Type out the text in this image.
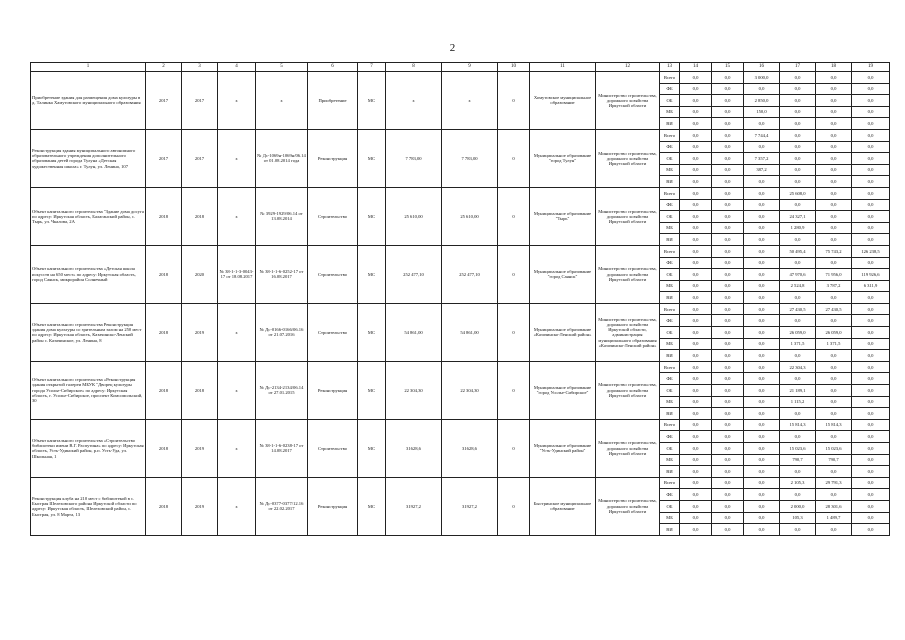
2
1	2	3	4	5	6	7	8	9	10	11	12	13	14	15	16	17	18	19
Приобретение здания для размещения дома культуры в д. Талинка Хамутовского муниципального образования	2017	2017	x	x	Приобретение	МС	x	x	0	Хомутовское муниципальное образование	Министерство строительства, дорожного хозяйства Иркутской области	Всего	0,0	0,0	3 000,0	0,0	0,0	0,0
												ФБ	0,0	0,0	0,0	0,0	0,0	0,0
												ОБ	0,0	0,0	2 850,0	0,0	0,0	0,0
												МБ	0,0	0,0	150,0	0,0	0,0	0,0
												ВИ	0,0	0,0	0,0	0,0	0,0	0,0
Реконструкция здания муниципального автономного образовательного учреждения дополнительного образования детей города Тулуна «Детская художественная школа» г. Тулун, ул. Ленина, 107	2017	2017	x	№ Дс-1069н-1069н/06.14 от 01.08.2014 года	Реконструкция	МС	7 783,00	7 783,00	0	Муниципальное образование "город Тулун"	Министерство строительства, дорожного хозяйства Иркутской области	Всего	0,0	0,0	7 744,4	0,0	0,0	0,0
												ФБ	0,0	0,0	0,0	0,0	0,0	0,0
												ОБ	0,0	0,0	7 357,2	0,0	0,0	0,0
												МБ	0,0	0,0	387,2	0,0	0,0	0,0
												ВИ	0,0	0,0	0,0	0,0	0,0	0,0
Объект капитального строительства "Здание дома досуга по адресу: Иркутская область, Балаганский район, с. Тырь, ул. Чкалова, 2А	2018	2018	x	№ 3929-1929/06.14 от 13.08.2014	Строительство	МС	25 610,00	25 610,00	0	Муниципальное образование "Тырь"	Министерство строительства, дорожного хозяйства Иркутской области	Всего	0,0	0,0	0,0	25 608,0	0,0	0,0
												ФБ	0,0	0,0	0,0	0,0	0,0	0,0
												ОБ	0,0	0,0	0,0	24 327,1	0,0	0,0
												МБ	0,0	0,0	0,0	1 280,9	0,0	0,0
												ВИ	0,0	0,0	0,0	0,0	0,0	0,0
Объект капитального строительства «Детская школа искусств на 650 мест» по адресу: Иркутская область, город Саянск, микрорайон Солнечный	2018	2020	№ 38-1-1-3-0043-17 от 18.08.2017	№ 38-1-1-6-0252-17 от 16.08.2017	Строительство	МС	252 477,10	252 477,10	0	Муниципальное образование "город Саянск"	Министерство строительства, дорожного хозяйства Иркутской области	Всего	0,0	0,0	0,0	50 495,4	75 743,2	126 238,5
												ФБ	0,0	0,0	0,0	0,0	0,0	0,0
												ОБ	0,0	0,0	0,0	47 970,6	71 956,0	119 926,6
												МБ	0,0	0,0	0,0	2 524,8	3 787,2	6 311,9
												ВИ	0,0	0,0	0,0	0,0	0,0	0,0
Объект капитального строительства Реконструкция здания дома культуры со зрительным залом на 250 мест по адресу: Иркутская область, Казачинско-Ленский район с. Казачинское, ул. Ленина, 8	2018	2019	x	№ Дс-0166-0166/06.16 от 21.07.2016	Строительство	МС	54 861,00	54 861,00	0	Муниципальное образование «Казачинско-Ленский район»	Министерство строительства, дорожного хозяйства Иркутской области, администрация муниципального образования «Казачинско-Ленский район»	Всего	0,0	0,0	0,0	27 430,5	27 430,5	0,0
												ФБ	0,0	0,0	0,0	0,0	0,0	0,0
												ОБ	0,0	0,0	0,0	26 059,0	26 059,0	0,0
												МБ	0,0	0,0	0,0	1 371,5	1 371,5	0,0
												ВИ	0,0	0,0	0,0	0,0	0,0	0,0
Объект капитального строительства «Реконструкция здания открытой галереи МБУК "Дворец культуры города Усолье-Сибирское» по адресу: Иркутская область, г. Усолье-Сибирское, проспект Комсомольский, 30	2018	2018	x	№ Дс-2134-2134/06.14 от 27.01.2015	Реконструкция	МС	22 304,30	22 304,30	0	Муниципальное образование "город Усолье-Сибирское"	Министерство строительства, дорожного хозяйства Иркутской области	Всего	0,0	0,0	0,0	22 304,3	0,0	0,0
												ФБ	0,0	0,0	0,0	0,0	0,0	0,0
												ОБ	0,0	0,0	0,0	21 189,1	0,0	0,0
												МБ	0,0	0,0	0,0	1 115,2	0,0	0,0
												ВИ	0,0	0,0	0,0	0,0	0,0	0,0
Объект капитального строительства «Строительство библиотеки имени В.Г. Распутина» по адресу: Иркутская область, Усть-Удинский район, р.п. Усть-Уда, ул. Школьная, 1	2018	2019	x	№ 38-1-1-6-0238-17 от 14.08.2017	Строительство	МС	31628,6	31628,6	0	Муниципальное образование "Усть-Удинский район"	Министерство строительства, дорожного хозяйства Иркутской области	Всего	0,0	0,0	0,0	15 814,3	15 814,3	0,0
												ФБ	0,0	0,0	0,0	0,0	0,0	0,0
												ОБ	0,0	0,0	0,0	15 023,6	15 023,6	0,0
												МБ	0,0	0,0	0,0	790,7	790,7	0,0
												ВИ	0,0	0,0	0,0	0,0	0,0	0,0
Реконструкция клуба на 210 мест с библиотекой в с. Быстрая Шелеховского района Иркутской области по адресу: Иркутская область, Шелеховский район, с. Быстрая, ул. 8 Марта, 13	2018	2019	x	№ Дс-0377-0377/12.16 от 22.02.2017	Реконструкция	МС	31927,2	31927,2	0	Быстринское муниципальное образование	Министерство строительства, дорожного хозяйства Иркутской области	Всего	0,0	0,0	0,0	2 105,3	29 791,3	0,0
												ФБ	0,0	0,0	0,0	0,0	0,0	0,0
												ОБ	0,0	0,0	0,0	2 000,0	28 301,6	0,0
												МБ	0,0	0,0	0,0	105,3	1 489,7	0,0
												ВИ	0,0	0,0	0,0	0,0	0,0	0,0
